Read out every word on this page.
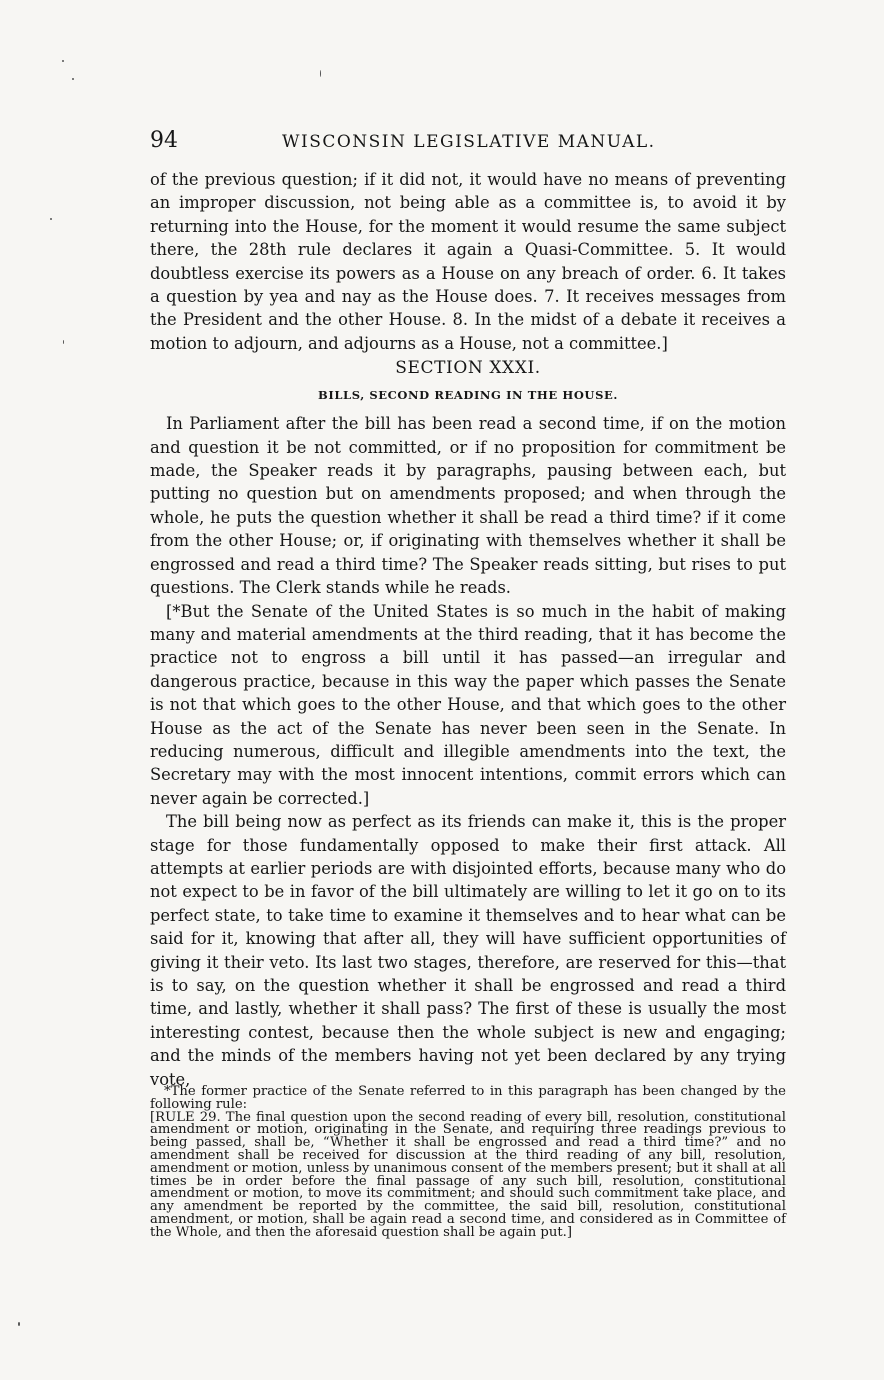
94	WISCONSIN LEGISLATIVE MANUAL.

of the previous question; if it did not, it would have no means of preventing an improper discussion, not being able as a committee is, to avoid it by returning into the House, for the moment it would resume the same subject there, the 28th rule declares it again a Quasi-Committee. 5. It would doubtless exercise its powers as a House on any breach of order. 6. It takes a question by yea and nay as the House does. 7. It receives messages from the President and the other House. 8. In the midst of a debate it receives a motion to adjourn, and adjourns as a House, not a committee.]

SECTION XXXI.
BILLS, SECOND READING IN THE HOUSE.

In Parliament after the bill has been read a second time, if on the motion and question it be not committed, or if no proposition for commitment be made, the Speaker reads it by paragraphs, pausing between each, but putting no question but on amendments proposed; and when through the whole, he puts the question whether it shall be read a third time? if it come from the other House; or, if originating with themselves whether it shall be engrossed and read a third time? The Speaker reads sitting, but rises to put questions. The Clerk stands while he reads.

[*But the Senate of the United States is so much in the habit of making many and material amendments at the third reading, that it has become the practice not to engross a bill until it has passed—an irregular and dangerous practice, because in this way the paper which passes the Senate is not that which goes to the other House, and that which goes to the other House as the act of the Senate has never been seen in the Senate. In reducing numerous, difficult and illegible amendments into the text, the Secretary may with the most innocent intentions, commit errors which can never again be corrected.]

The bill being now as perfect as its friends can make it, this is the proper stage for those fundamentally opposed to make their first attack. All attempts at earlier periods are with disjointed efforts, because many who do not expect to be in favor of the bill ultimately are willing to let it go on to its perfect state, to take time to examine it themselves and to hear what can be said for it, knowing that after all, they will have sufficient opportunities of giving it their veto. Its last two stages, therefore, are reserved for this—that is to say, on the question whether it shall be engrossed and read a third time, and lastly, whether it shall pass? The first of these is usually the most interesting contest, because then the whole subject is new and engaging; and the minds of the members having not yet been declared by any trying vote,

*The former practice of the Senate referred to in this paragraph has been changed by the following rule:

[RULE 29. The final question upon the second reading of every bill, resolution, constitutional amendment or motion, originating in the Senate, and requiring three readings previous to being passed, shall be, “Whether it shall be engrossed and read a third time?” and no amendment shall be received for discussion at the third reading of any bill, resolution, amendment or motion, unless by unanimous consent of the members present; but it shall at all times be in order before the final passage of any such bill, resolution, constitutional amendment or motion, to move its commitment; and should such commitment take place, and any amendment be reported by the committee, the said bill, resolution, constitutional amendment, or motion, shall be again read a second time, and considered as in Committee of the Whole, and then the aforesaid question shall be again put.]
